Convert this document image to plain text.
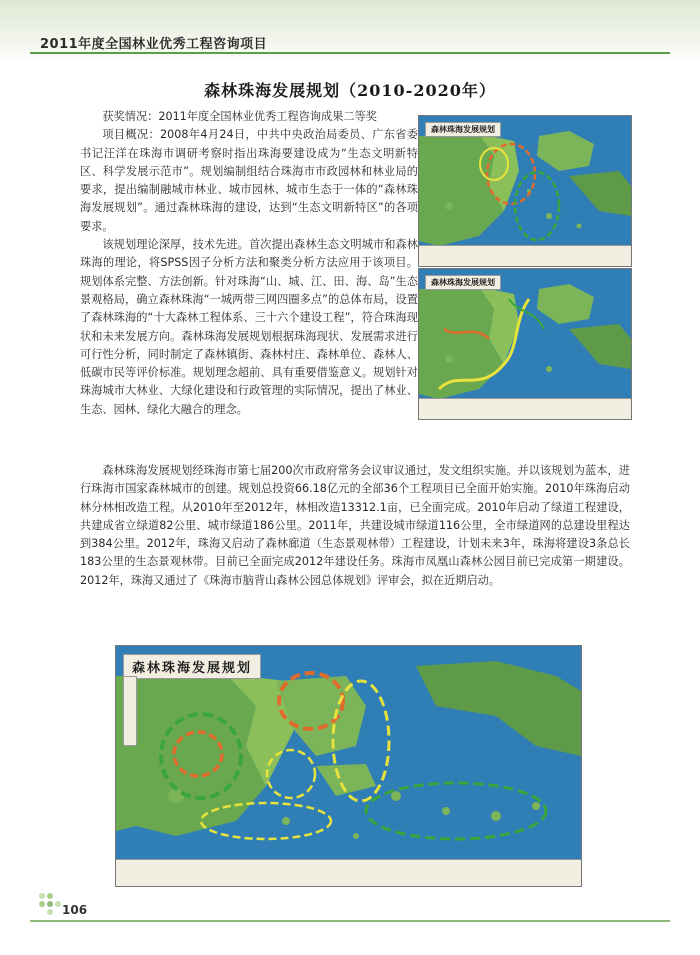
2011年度全国林业优秀工程咨询项目
森林珠海发展规划（2010-2020年）

获奖情况：2011年度全国林业优秀工程咨询成果二等奖

项目概况：2008年4月24日，中共中央政治局委员、广东省委书记汪洋在珠海市调研考察时指出珠海要建设成为“生态文明新特区、科学发展示范市”。规划编制组结合珠海市市政园林和林业局的要求，提出编制融城市林业、城市园林、城市生态于一体的“森林珠海发展规划”。通过森林珠海的建设，达到“生态文明新特区”的各项要求。

该规划理论深厚，技术先进。首次提出森林生态文明城市和森林珠海的理论，将SPSS因子分析方法和聚类分析方法应用于该项目。规划体系完整、方法创新。针对珠海“山、城、江、田、海、岛”生态景观格局，确立森林珠海“一城两带三网四圈多点”的总体布局，设置了森林珠海的“十大森林工程体系、三十六个建设工程”，符合珠海现状和未来发展方向。森林珠海发展规划根据珠海现状、发展需求进行可行性分析，同时制定了森林镇街、森林村庄、森林单位、森林人、低碳市民等评价标准。规划理念超前、具有重要借鉴意义。规划针对珠海城市大林业、大绿化建设和行政管理的实际情况，提出了林业、生态、园林、绿化大融合的理念。

森林珠海发展规划经珠海市第七届200次市政府常务会议审议通过，发文组织实施。并以该规划为蓝本，进行珠海市国家森林城市的创建。规划总投资66.18亿元的全部36个工程项目已全面开始实施。2010年珠海启动林分林相改造工程。从2010年至2012年，林相改造13312.1亩，已全面完成。2010年启动了绿道工程建设，共建成省立绿道82公里、城市绿道186公里。2011年，共建设城市绿道116公里，全市绿道网的总建设里程达到384公里。2012年，珠海又启动了森林廊道（生态景观林带）工程建设，计划未来3年，珠海将建设3条总长183公里的生态景观林带。目前已全面完成2012年建设任务。珠海市凤凰山森林公园目前已完成第一期建设。2012年，珠海又通过了《珠海市脑背山森林公园总体规划》评审会，拟在近期启动。

森林珠海发展规划
森林珠海发展规划
森林珠海发展规划
106
